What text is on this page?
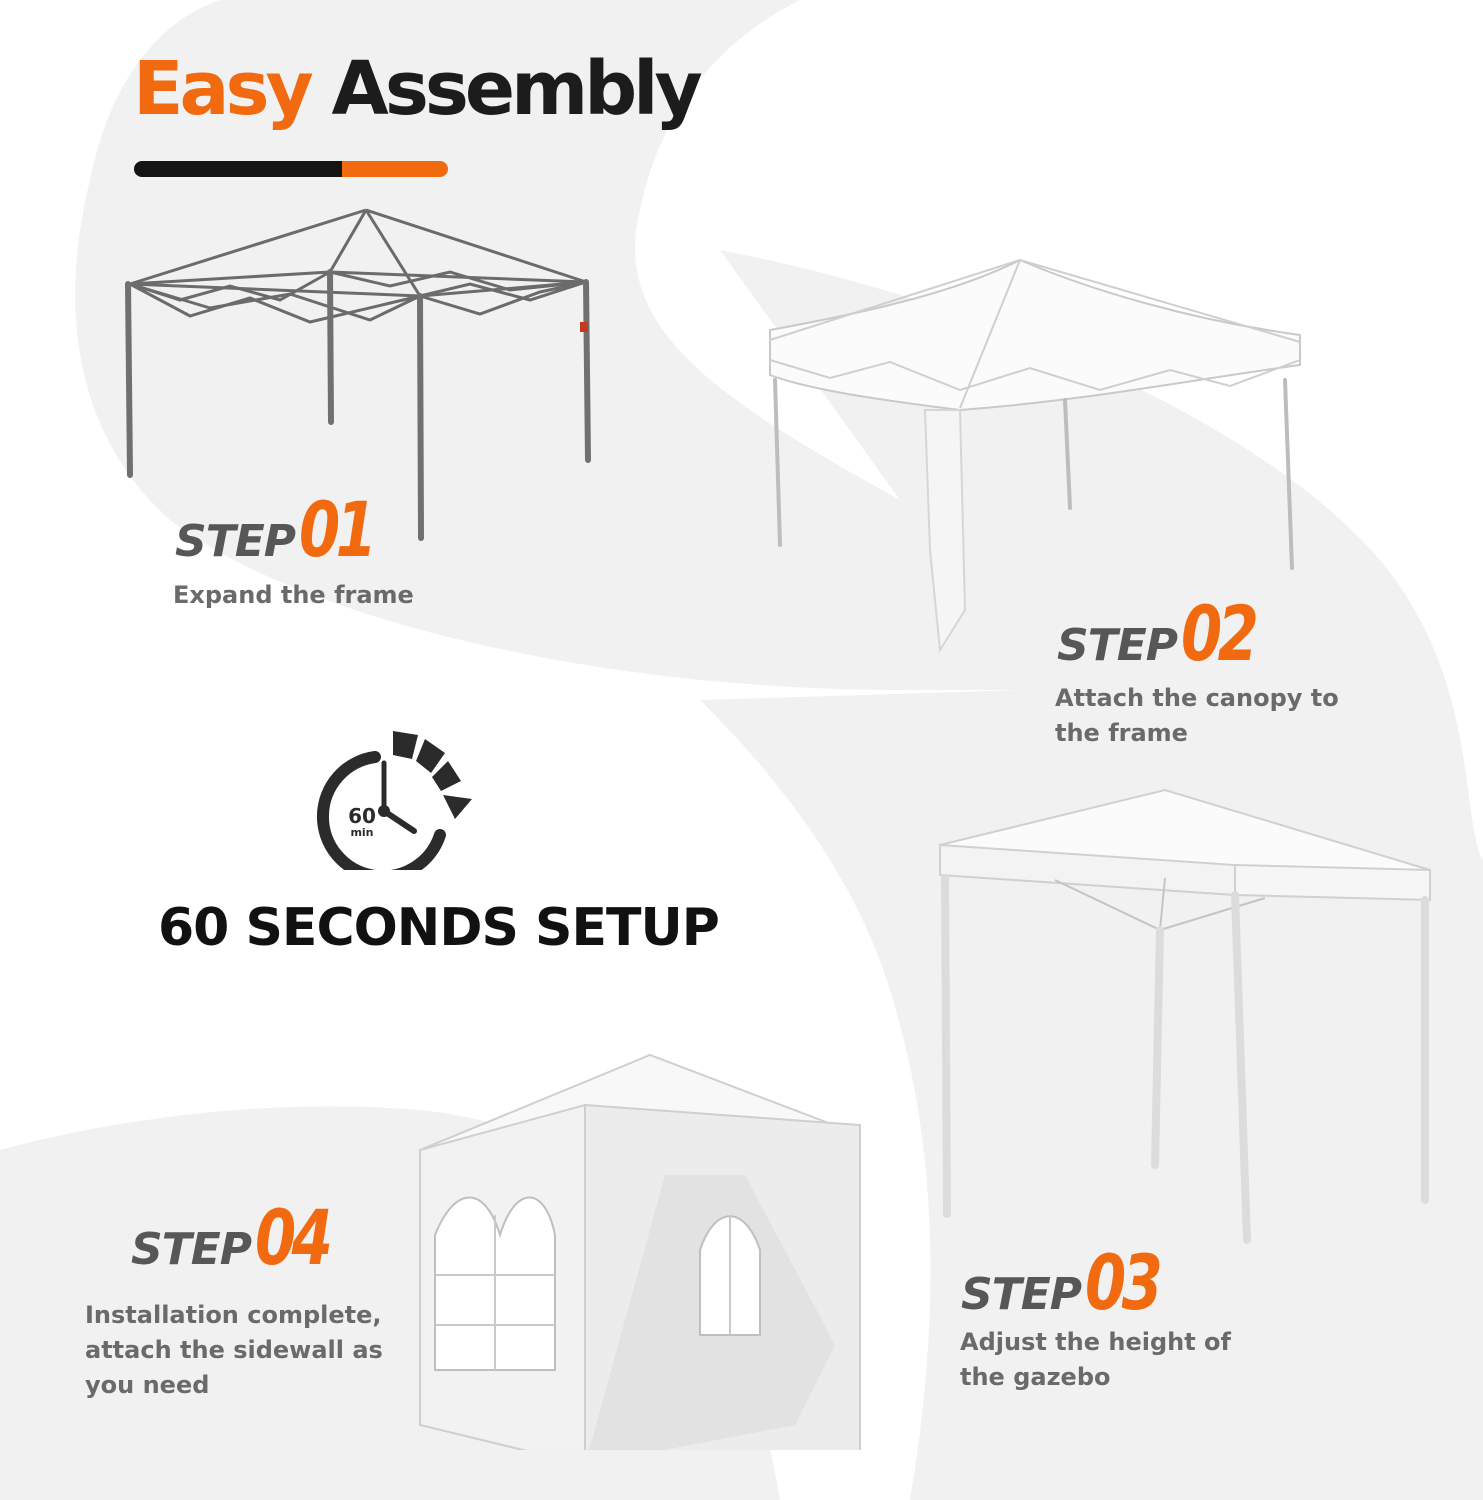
Easy Assembly
STEP01
Expand the frame
STEP02
Attach the canopy to the frame
STEP03
Adjust the height of the gazebo
STEP04
Installation complete, attach the sidewall as you need
60
min
60 SECONDS SETUP
